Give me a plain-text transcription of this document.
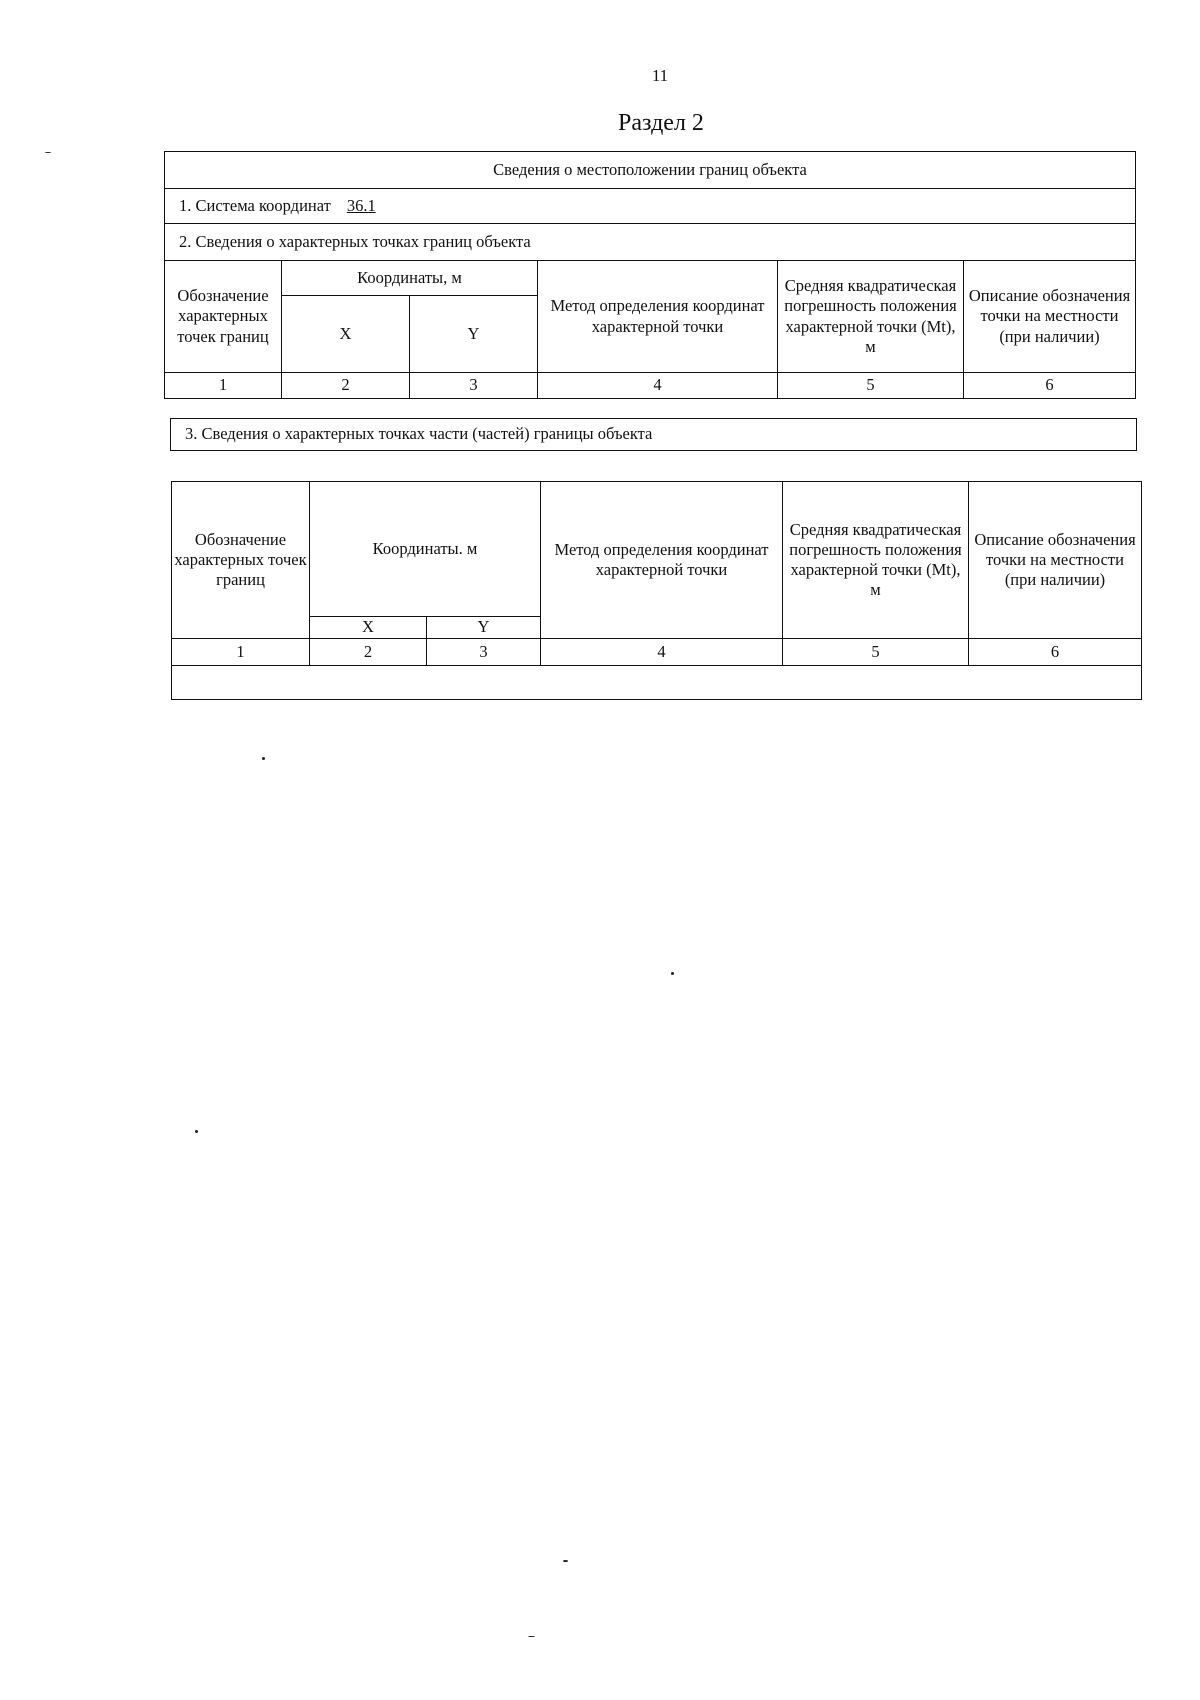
11
Раздел 2
Сведения о местоположении границ объекта					
1. Система координат 36.1					
2. Сведения о характерных точках границ объекта					
Обозначение характерных точек границ	Координаты, м		Метод определения координат характерной точки	Средняя квадратическая погрешность положения характерной точки (Mt), м	Описание обозначения точки на местности (при наличии)
	X	Y			
1	2	3	4	5	6
3. Сведения о характерных точках части (частей) границы объекта
Обозначение характерных точек границ	Координаты. м		Метод определения координат характерной точки	Средняя квадратическая погрешность положения характерной точки (Mt), м	Описание обозначения точки на местности (при наличии)
	X	Y			
1	2	3	4	5	6
